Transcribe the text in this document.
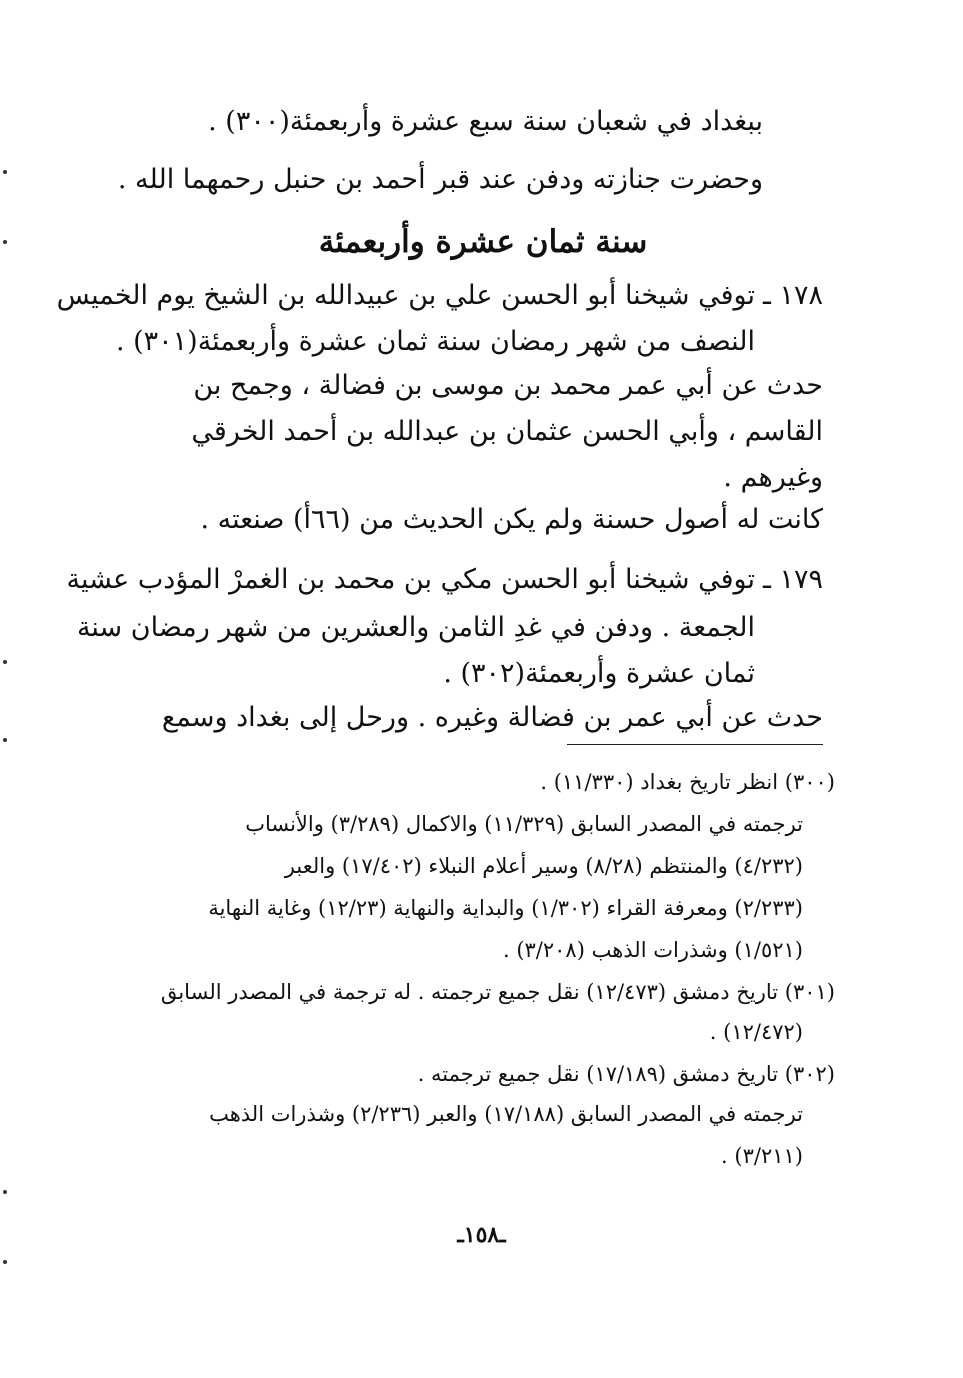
ببغداد في شعبان سنة سبع عشرة وأربعمئة(٣٠٠) .
وحضرت جنازته ودفن عند قبر أحمد بن حنبل رحمهما الله .
سنة ثمان عشرة وأربعمئة
١٧٨ ـ
توفي شيخنا أبو الحسن علي بن عبيدالله بن الشيخ يوم الخميس
النصف من شهر رمضان سنة ثمان عشرة وأربعمئة(٣٠١) .
حدث عن أبي عمر محمد بن موسى بن فضالة ، وجمح بن
القاسم ، وأبي الحسن عثمان بن عبدالله بن أحمد الخرقي
وغيرهم .
كانت له أصول حسنة ولم يكن الحديث من (٦٦أ) صنعته .
١٧٩ ـ
توفي شيخنا أبو الحسن مكي بن محمد بن الغمرْ المؤدب عشية
الجمعة . ودفن في غدِ الثامن والعشرين من شهر رمضان سنة
ثمان عشرة وأربعمئة(٣٠٢) .
حدث عن أبي عمر بن فضالة وغيره . ورحل إلى بغداد وسمع
(٣٠٠) انظر تاريخ بغداد (١١/٣٣٠) .
ترجمته في المصدر السابق (١١/٣٢٩) والاكمال (٣/٢٨٩) والأنساب
(٤/٢٣٢) والمنتظم (٨/٢٨) وسير أعلام النبلاء (١٧/٤٠٢) والعبر
(٢/٢٣٣) ومعرفة القراء (١/٣٠٢) والبداية والنهاية (١٢/٢٣) وغاية النهاية
(١/٥٢١) وشذرات الذهب (٣/٢٠٨) .
(٣٠١) تاريخ دمشق (١٢/٤٧٣) نقل جميع ترجمته . له ترجمة في المصدر السابق
(١٢/٤٧٢) .
(٣٠٢) تاريخ دمشق (١٧/١٨٩) نقل جميع ترجمته .
ترجمته في المصدر السابق (١٧/١٨٨) والعبر (٢/٢٣٦) وشذرات الذهب
(٣/٢١١) .
ـ١٥٨ـ
